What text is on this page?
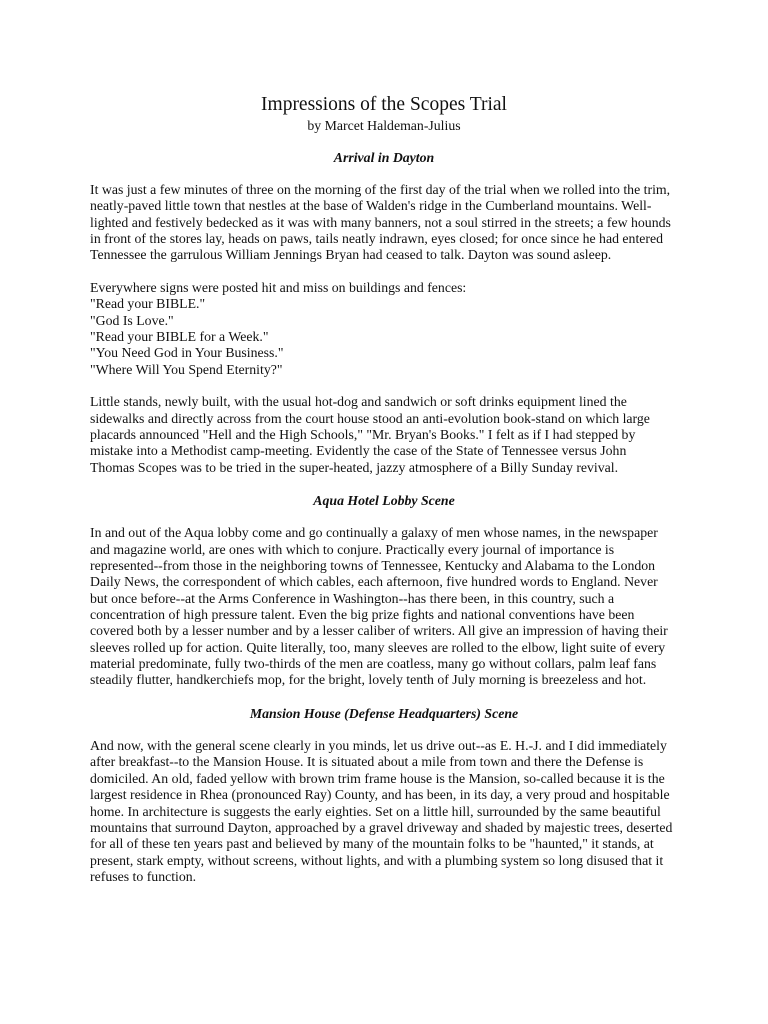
Impressions of the Scopes Trial
by Marcet Haldeman-Julius
Arrival in Dayton
It was just a few minutes of three on the morning of the first day of the trial when we rolled into the trim,
neatly-paved little town that nestles at the base of Walden's ridge in the Cumberland mountains. Well-
lighted and festively bedecked as it was with many banners, not a soul stirred in the streets; a few hounds
in front of the stores lay, heads on paws, tails neatly indrawn, eyes closed; for once since he had entered
Tennessee the garrulous William Jennings Bryan had ceased to talk. Dayton was sound asleep.
Everywhere signs were posted hit and miss on buildings and fences:
"Read your BIBLE."
"God Is Love."
"Read your BIBLE for a Week."
"You Need God in Your Business."
"Where Will You Spend Eternity?"
Little stands, newly built, with the usual hot-dog and sandwich or soft drinks equipment lined the
sidewalks and directly across from the court house stood an anti-evolution book-stand on which large
placards announced "Hell and the High Schools," "Mr. Bryan's Books." I felt as if I had stepped by
mistake into a Methodist camp-meeting. Evidently the case of the State of Tennessee versus John
Thomas Scopes was to be tried in the super-heated, jazzy atmosphere of a Billy Sunday revival.
Aqua Hotel Lobby Scene
In and out of the Aqua lobby come and go continually a galaxy of men whose names, in the newspaper
and magazine world, are ones with which to conjure. Practically every journal of importance is
represented--from those in the neighboring towns of Tennessee, Kentucky and Alabama to the London
Daily News, the correspondent of which cables, each afternoon, five hundred words to England. Never
but once before--at the Arms Conference in Washington--has there been, in this country, such a
concentration of high pressure talent. Even the big prize fights and national conventions have been
covered both by a lesser number and by a lesser caliber of writers. All give an impression of having their
sleeves rolled up for action. Quite literally, too, many sleeves are rolled to the elbow, light suite of every
material predominate, fully two-thirds of the men are coatless, many go without collars, palm leaf fans
steadily flutter, handkerchiefs mop, for the bright, lovely tenth of July morning is breezeless and hot.
Mansion House (Defense Headquarters) Scene
And now, with the general scene clearly in you minds, let us drive out--as E. H.-J. and I did immediately
after breakfast--to the Mansion House. It is situated about a mile from town and there the Defense is
domiciled. An old, faded yellow with brown trim frame house is the Mansion, so-called because it is the
largest residence in Rhea (pronounced Ray) County, and has been, in its day, a very proud and hospitable
home. In architecture is suggests the early eighties. Set on a little hill, surrounded by the same beautiful
mountains that surround Dayton, approached by a gravel driveway and shaded by majestic trees, deserted
for all of these ten years past and believed by many of the mountain folks to be "haunted," it stands, at
present, stark empty, without screens, without lights, and with a plumbing system so long disused that it
refuses to function.
